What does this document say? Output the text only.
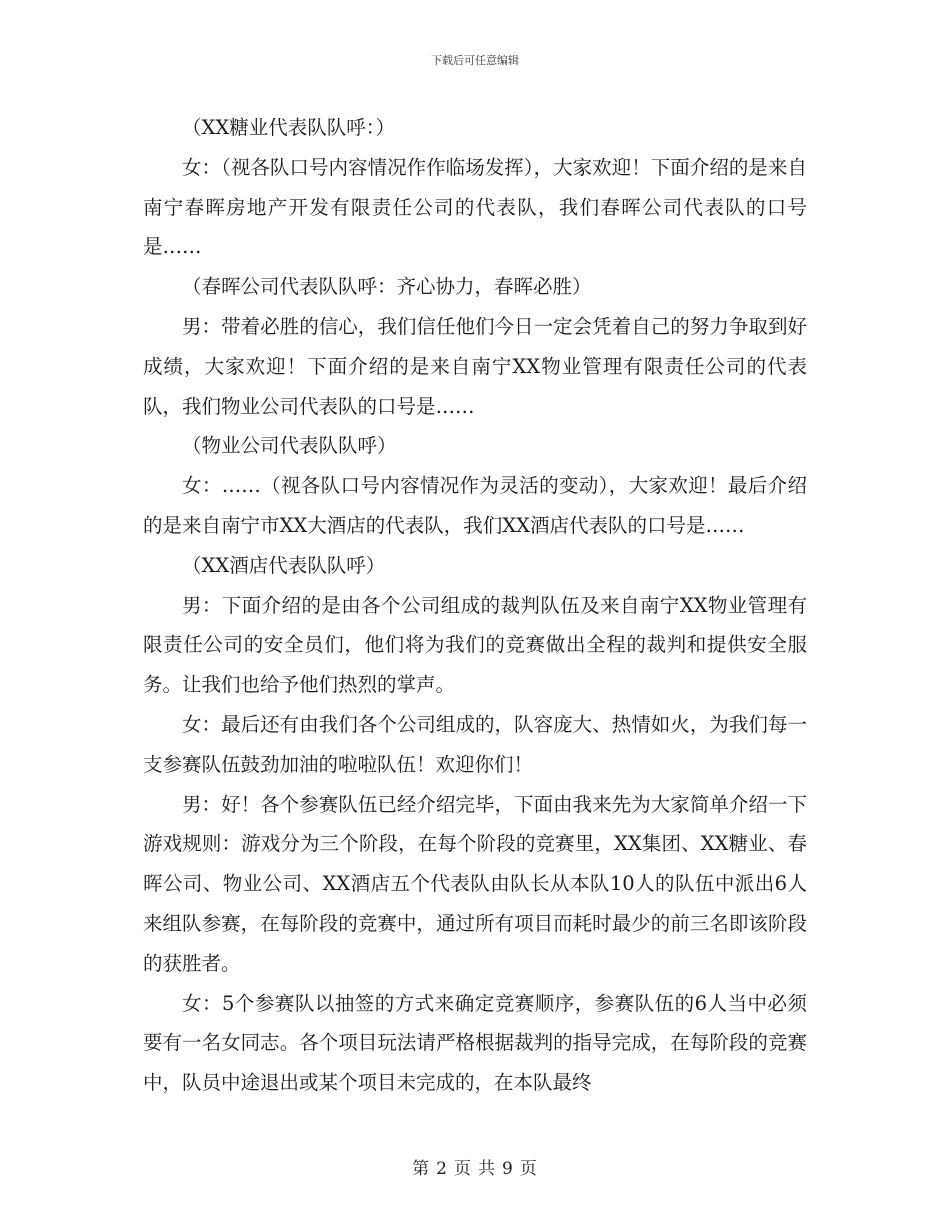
下载后可任意编辑

（XX糖业代表队队呼：）

女：（视各队口号内容情况作作临场发挥），大家欢迎！下面介绍的是来自南宁春晖房地产开发有限责任公司的代表队，我们春晖公司代表队的口号是……

（春晖公司代表队队呼：齐心协力，春晖必胜）

男：带着必胜的信心，我们信任他们今日一定会凭着自己的努力争取到好成绩，大家欢迎！下面介绍的是来自南宁XX物业管理有限责任公司的代表队，我们物业公司代表队的口号是……

（物业公司代表队队呼）

女：……（视各队口号内容情况作为灵活的变动），大家欢迎！最后介绍的是来自南宁市XX大酒店的代表队，我们XX酒店代表队的口号是……

（XX酒店代表队队呼）

男：下面介绍的是由各个公司组成的裁判队伍及来自南宁XX物业管理有限责任公司的安全员们，他们将为我们的竞赛做出全程的裁判和提供安全服务。让我们也给予他们热烈的掌声。

女：最后还有由我们各个公司组成的，队容庞大、热情如火，为我们每一支参赛队伍鼓劲加油的啦啦队伍！欢迎你们！

男：好！各个参赛队伍已经介绍完毕，下面由我来先为大家简单介绍一下游戏规则：游戏分为三个阶段，在每个阶段的竞赛里，XX集团、XX糖业、春晖公司、物业公司、XX酒店五个代表队由队长从本队10人的队伍中派出6人来组队参赛，在每阶段的竞赛中，通过所有项目而耗时最少的前三名即该阶段的获胜者。

女：5个参赛队以抽签的方式来确定竞赛顺序，参赛队伍的6人当中必须要有一名女同志。各个项目玩法请严格根据裁判的指导完成，在每阶段的竞赛中，队员中途退出或某个项目未完成的，在本队最终

第 2 页 共 9 页
